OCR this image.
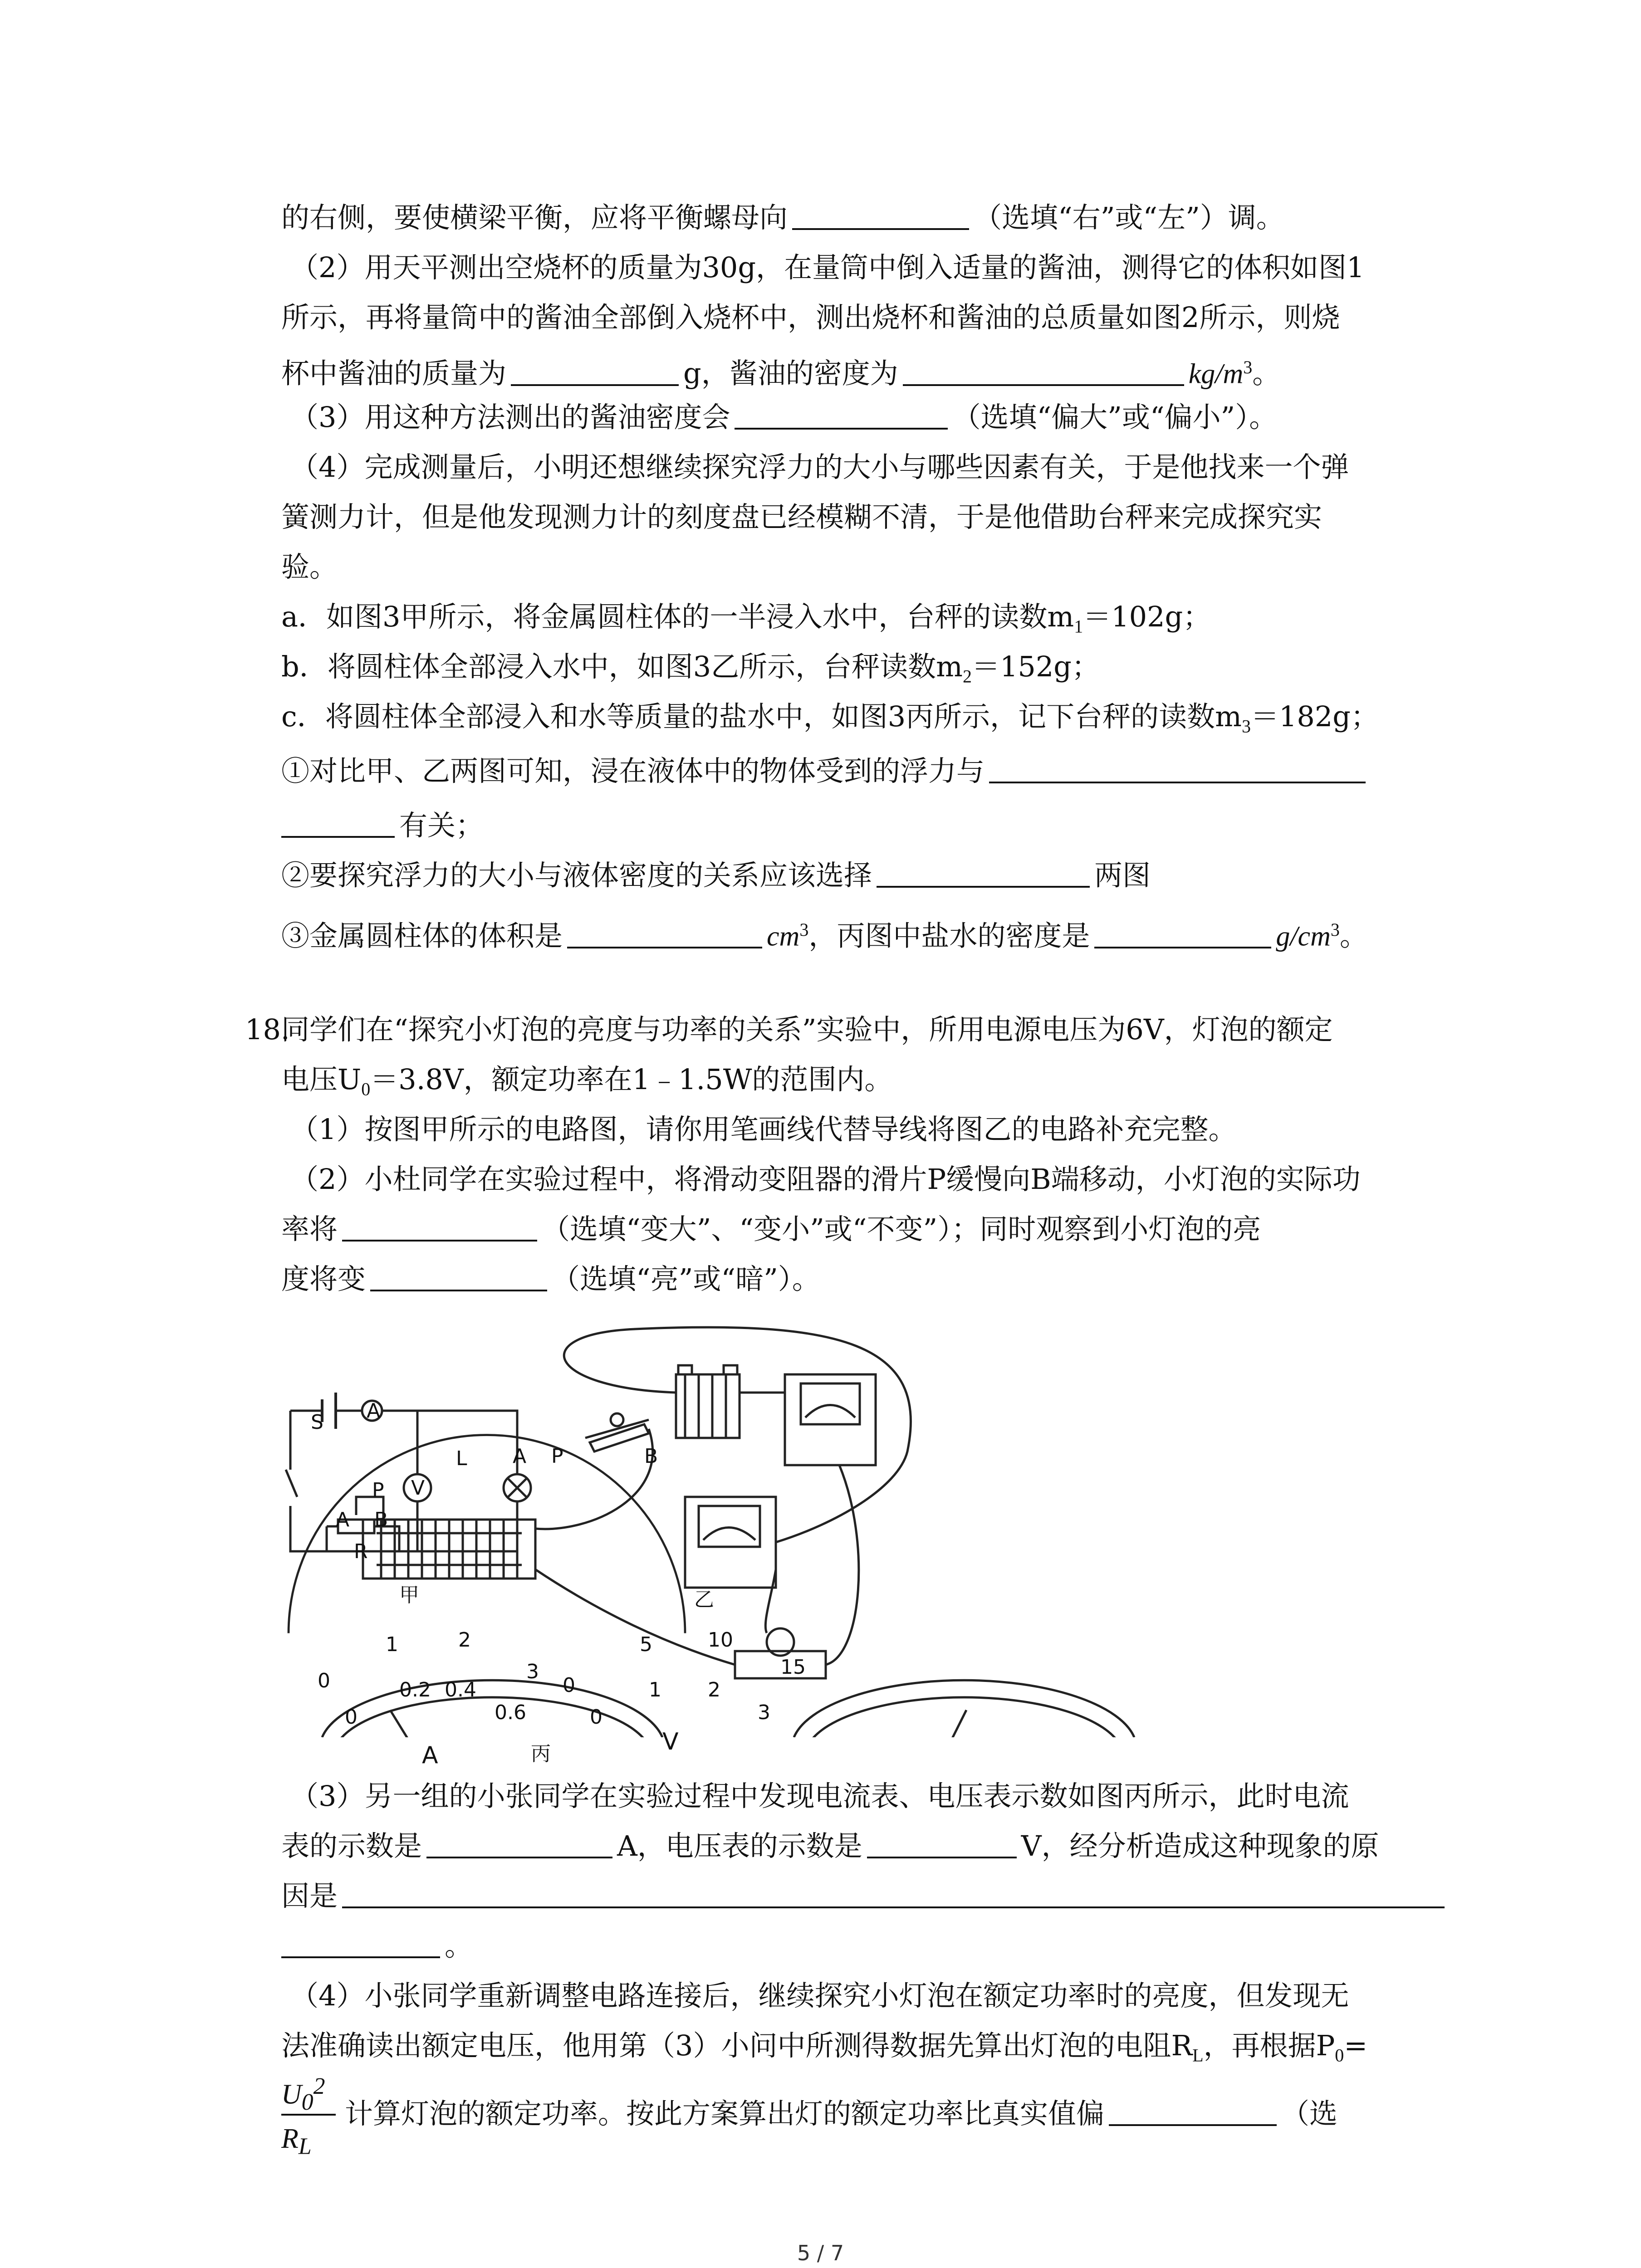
的右侧，要使横梁平衡，应将平衡螺母向	（选填“右”或“左”）调。
（2）用天平测出空烧杯的质量为30g，在量筒中倒入适量的酱油，测得它的体积如图1
所示，再将量筒中的酱油全部倒入烧杯中，测出烧杯和酱油的总质量如图2所示，则烧
杯中酱油的质量为	g，酱油的密度为	$kg/m^3$。
（3）用这种方法测出的酱油密度会	（选填“偏大”或“偏小”）。
（4）完成测量后，小明还想继续探究浮力的大小与哪些因素有关，于是他找来一个弹
簧测力计，但是他发现测力计的刻度盘已经模糊不清，于是他借助台秤来完成探究实
验。
a．如图3甲所示，将金属圆柱体的一半浸入水中，台秤的读数$m_1=102g$；
b．将圆柱体全部浸入水中，如图3乙所示，台秤读数$m_2=152g$；
c．将圆柱体全部浸入和水等质量的盐水中，如图3丙所示，记下台秤的读数$m_3=182g$；
①对比甲、乙两图可知，浸在液体中的物体受到的浮力与
有关；
②要探究浮力的大小与液体密度的关系应该选择	两图
③金属圆柱体的体积是	$cm^3$，丙图中盐水的密度是	$g/cm^3$。
18.
同学们在“探究小灯泡的亮度与功率的关系”实验中，所用电源电压为6V，灯泡的额定
电压$U_0=3.8V$，额定功率在1﹣1.5W的范围内。
（1）按图甲所示的电路图，请你用笔画线代替导线将图乙的电路补充完整。
（2）小杜同学在实验过程中，将滑动变阻器的滑片P缓慢向B端移动，小灯泡的实际功
率将	（选填“变大”、“变小”或“不变”）；同时观察到小灯泡的亮
度将变	（选填“亮”或“暗”）。
S A
V
L
P
A B
R
甲
A P	B
乙
0
1	2
3
0
0.2 0.4
0.6
A
0
5	10
15
0
1 2
3
V
丙
（3）另一组的小张同学在实验过程中发现电流表、电压表示数如图丙所示，此时电流
表的示数是	A，电压表的示数是	V，经分析造成这种现象的原
因是
。
（4）小张同学重新调整电路连接后，继续探究小灯泡在额定功率时的亮度，但发现无
法准确读出额定电压，他用第（3）小问中所测得数据先算出灯泡的电阻$R_L$，再根据$P_0=$
$U_0^2$
$R_L$
计算灯泡的额定功率。按此方案算出灯的额定功率比真实值偏	（选
5 / 7
